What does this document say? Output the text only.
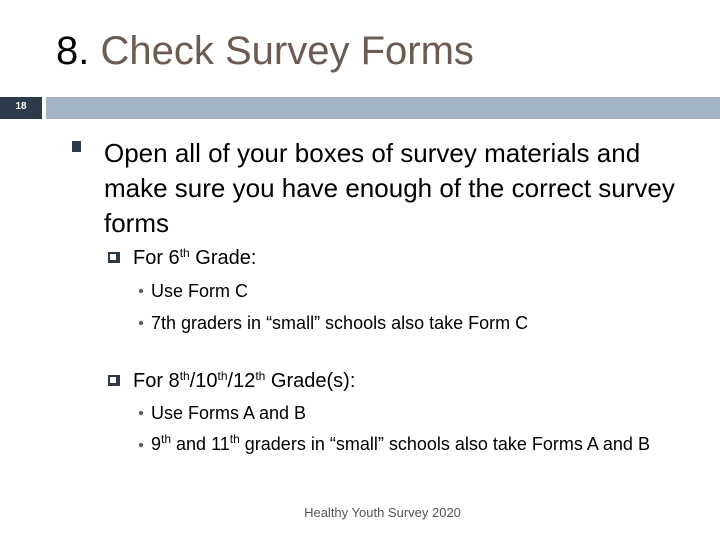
8. Check Survey Forms
18
Open all of your boxes of survey materials and make sure you have enough of the correct survey forms
For 6th Grade:
Use Form C
7th graders in “small” schools also take Form C
For 8th/10th/12th Grade(s):
Use Forms A and B
9th and 11th graders in “small” schools also take Forms A and B
Healthy Youth Survey 2020
